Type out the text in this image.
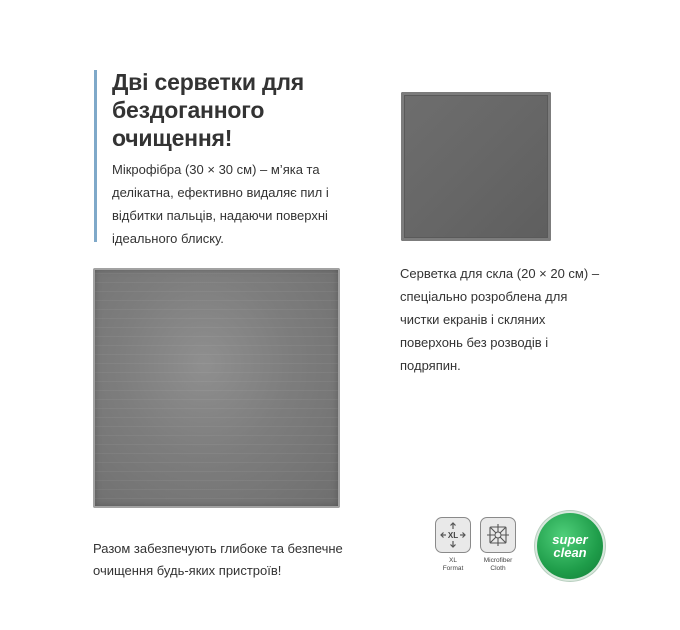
Дві серветки для бездоганного очищення!
Мікрофібра (30 × 30 см) – м’яка та делікатна, ефективно видаляє пил і відбитки пальців, надаючи поверхні ідеального блиску.
Серветка для скла (20 × 20 см) – спеціально розроблена для чистки екранів і скляних поверхонь без розводів і подряпин.
Разом забезпечують глибоке та безпечне очищення будь-яких пристроїв!
XL
XL
Format
Microfiber
Cloth
super
clean
